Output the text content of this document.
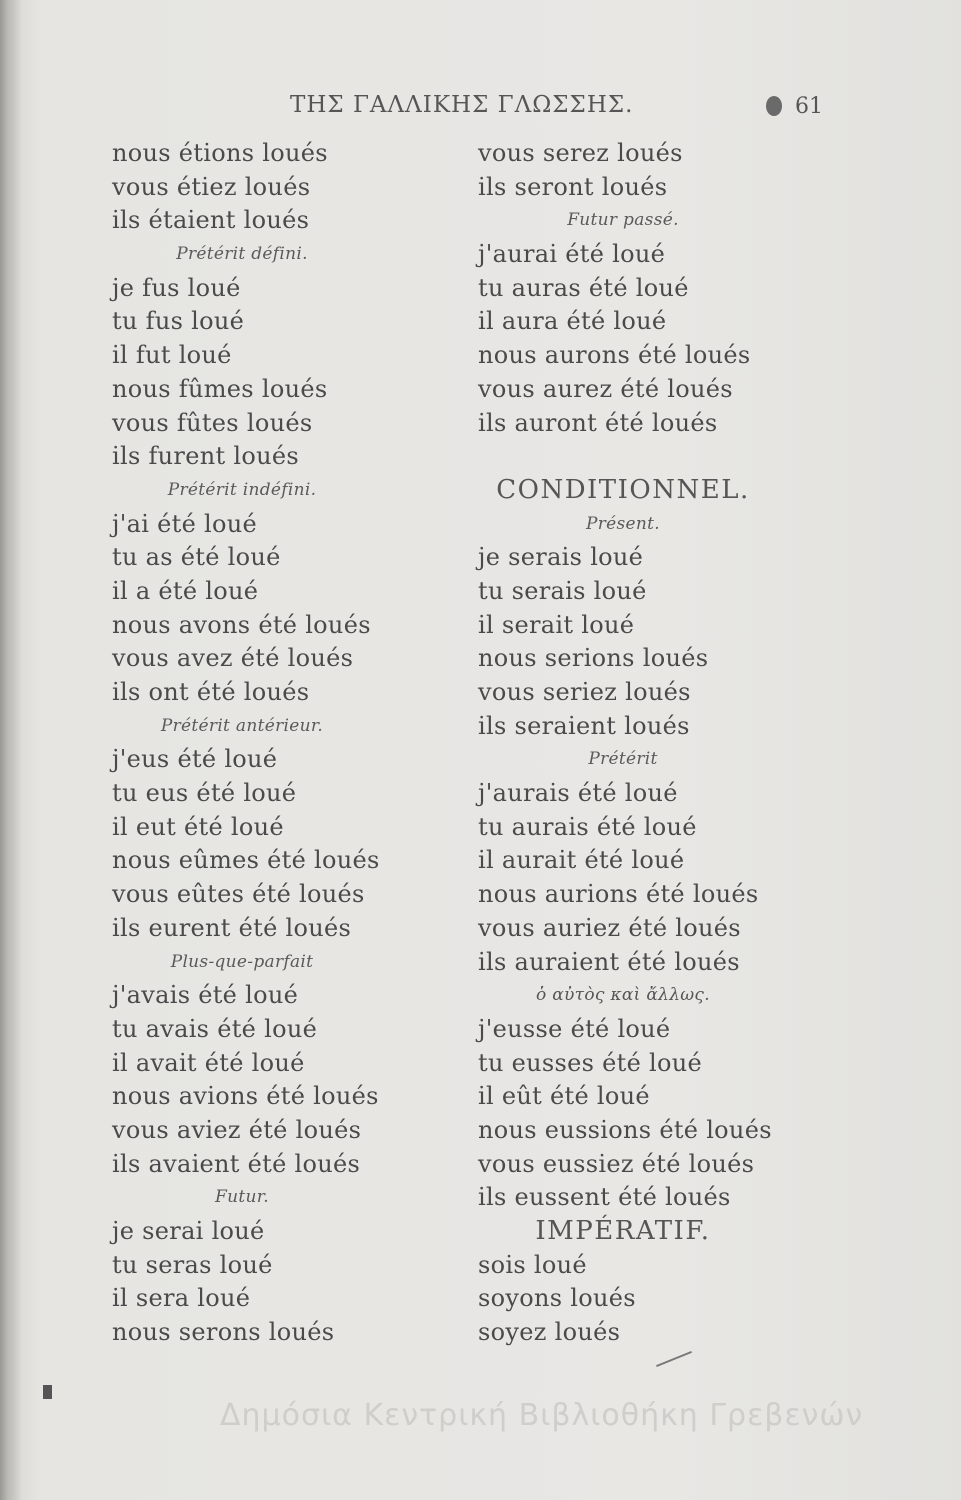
ΤΗΣ ΓΑΛΛΙΚΗΣ ΓΛΩΣΣΗΣ.	61
nous étions loués
vous étiez loués
ils étaient loués
Prétérit défini.
je fus loué
tu fus loué
il fut loué
nous fûmes loués
vous fûtes loués
ils furent loués
Prétérit indéfini.
j'ai été loué
tu as été loué
il a été loué
nous avons été loués
vous avez été loués
ils ont été loués
Prétérit antérieur.
j'eus été loué
tu eus été loué
il eut été loué
nous eûmes été loués
vous eûtes été loués
ils eurent été loués
Plus-que-parfait
j'avais été loué
tu avais été loué
il avait été loué
nous avions été loués
vous aviez été loués
ils avaient été loués
Futur.
je serai loué
tu seras loué
il sera loué
nous serons loués
vous serez loués
ils seront loués
Futur passé.
j'aurai été loué
tu auras été loué
il aura été loué
nous aurons été loués
vous aurez été loués
ils auront été loués
CONDITIONNEL.
Présent.
je serais loué
tu serais loué
il serait loué
nous serions loués
vous seriez loués
ils seraient loués
Prétérit
j'aurais été loué
tu aurais été loué
il aurait été loué
nous aurions été loués
vous auriez été loués
ils auraient été loués
ὁ αὐτὸς καὶ ἄλλως.
j'eusse été loué
tu eusses été loué
il eût été loué
nous eussions été loués
vous eussiez été loués
ils eussent été loués
IMPÉRATIF.
sois loué
soyons loués
soyez loués
Δημόσια Κεντρική Βιβλιοθήκη Γρεβενών
